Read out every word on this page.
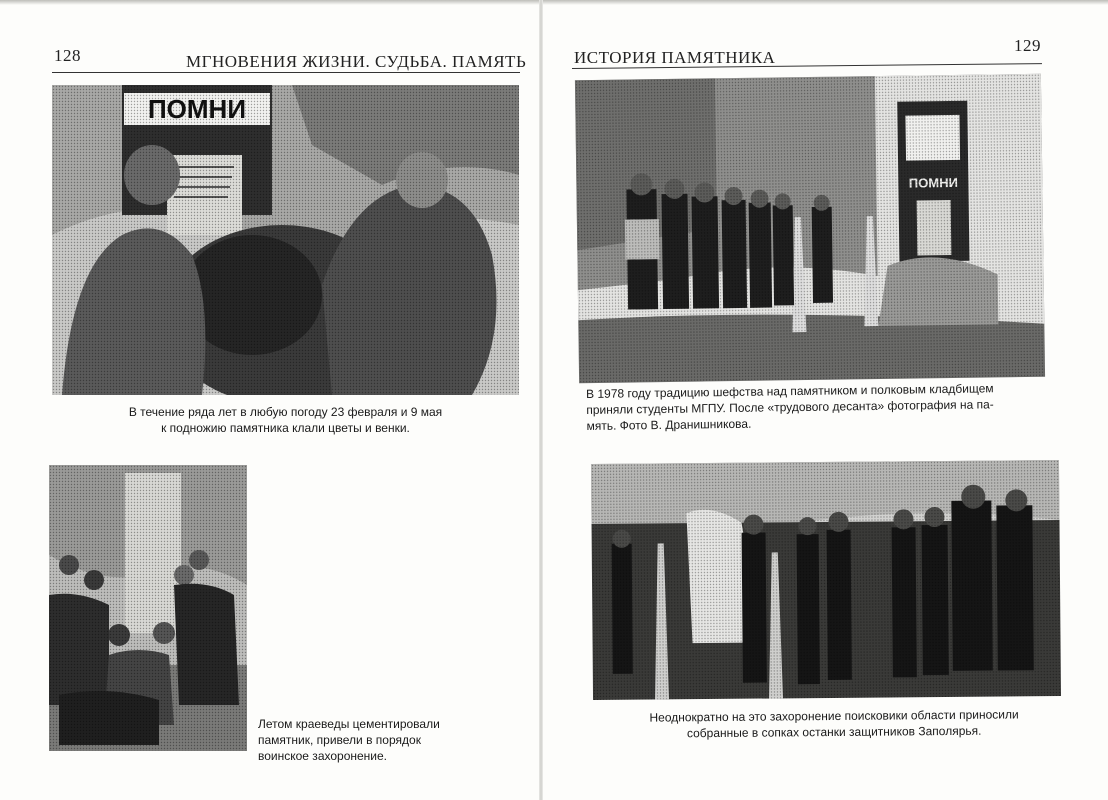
128	МГНОВЕНИЯ ЖИЗНИ. СУДЬБА. ПАМЯТЬ
В течение ряда лет в любую погоду 23 февраля и 9 мая
к подножию памятника клали цветы и венки.
Летом краеведы цементировали
памятник, привели в порядок
воинское захоронение.
ИСТОРИЯ ПАМЯТНИКА
129
В 1978 году традицию шефства над памятником и полковым кладбищем
приняли студенты МГПУ. После «трудового десанта» фотография на па-
мять. Фото В. Дранишникова.
Неоднократно на это захоронение поисковики области приносили
собранные в сопках останки защитников Заполярья.
